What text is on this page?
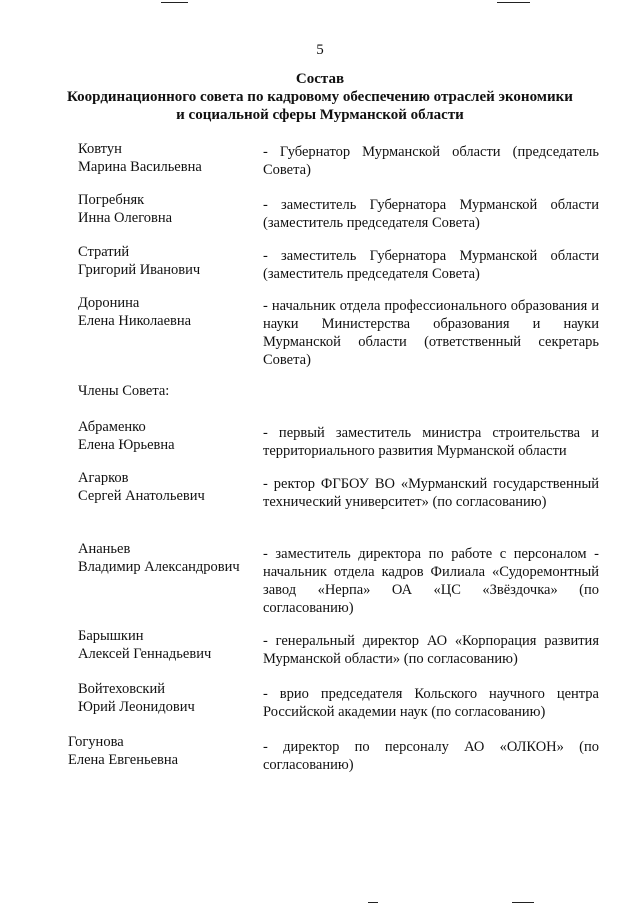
5
Состав
Координационного совета по кадровому обеспечению отраслей экономики
и социальной сферы Мурманской области
Ковтун
Марина Васильевна
- Губернатор Мурманской области (председатель Совета)
Погребняк
Инна Олеговна
- заместитель Губернатора Мурманской области (заместитель председателя Совета)
Стратий
Григорий Иванович
- заместитель Губернатора Мурманской области (заместитель председателя Совета)
Доронина
Елена Николаевна
- начальник отдела профессионального образования и науки Министерства образования и науки Мурманской области (ответственный секретарь Совета)
Члены Совета:
Абраменко
Елена Юрьевна
- первый заместитель министра строительства и территориального развития Мурманской области
Агарков
Сергей Анатольевич
- ректор ФГБОУ ВО «Мурманский государственный технический университет» (по согласованию)
Ананьев
Владимир Александрович
- заместитель директора по работе с персоналом - начальник отдела кадров Филиала «Судоремонтный завод «Нерпа» ОА «ЦС «Звёздочка» (по согласованию)
Барышкин
Алексей Геннадьевич
- генеральный директор АО «Корпорация развития Мурманской области» (по согласованию)
Войтеховский
Юрий Леонидович
- врио председателя Кольского научного центра Российской академии наук (по согласованию)
Гогунова
Елена Евгеньевна
- директор по персоналу АО «ОЛКОН» (по согласованию)
